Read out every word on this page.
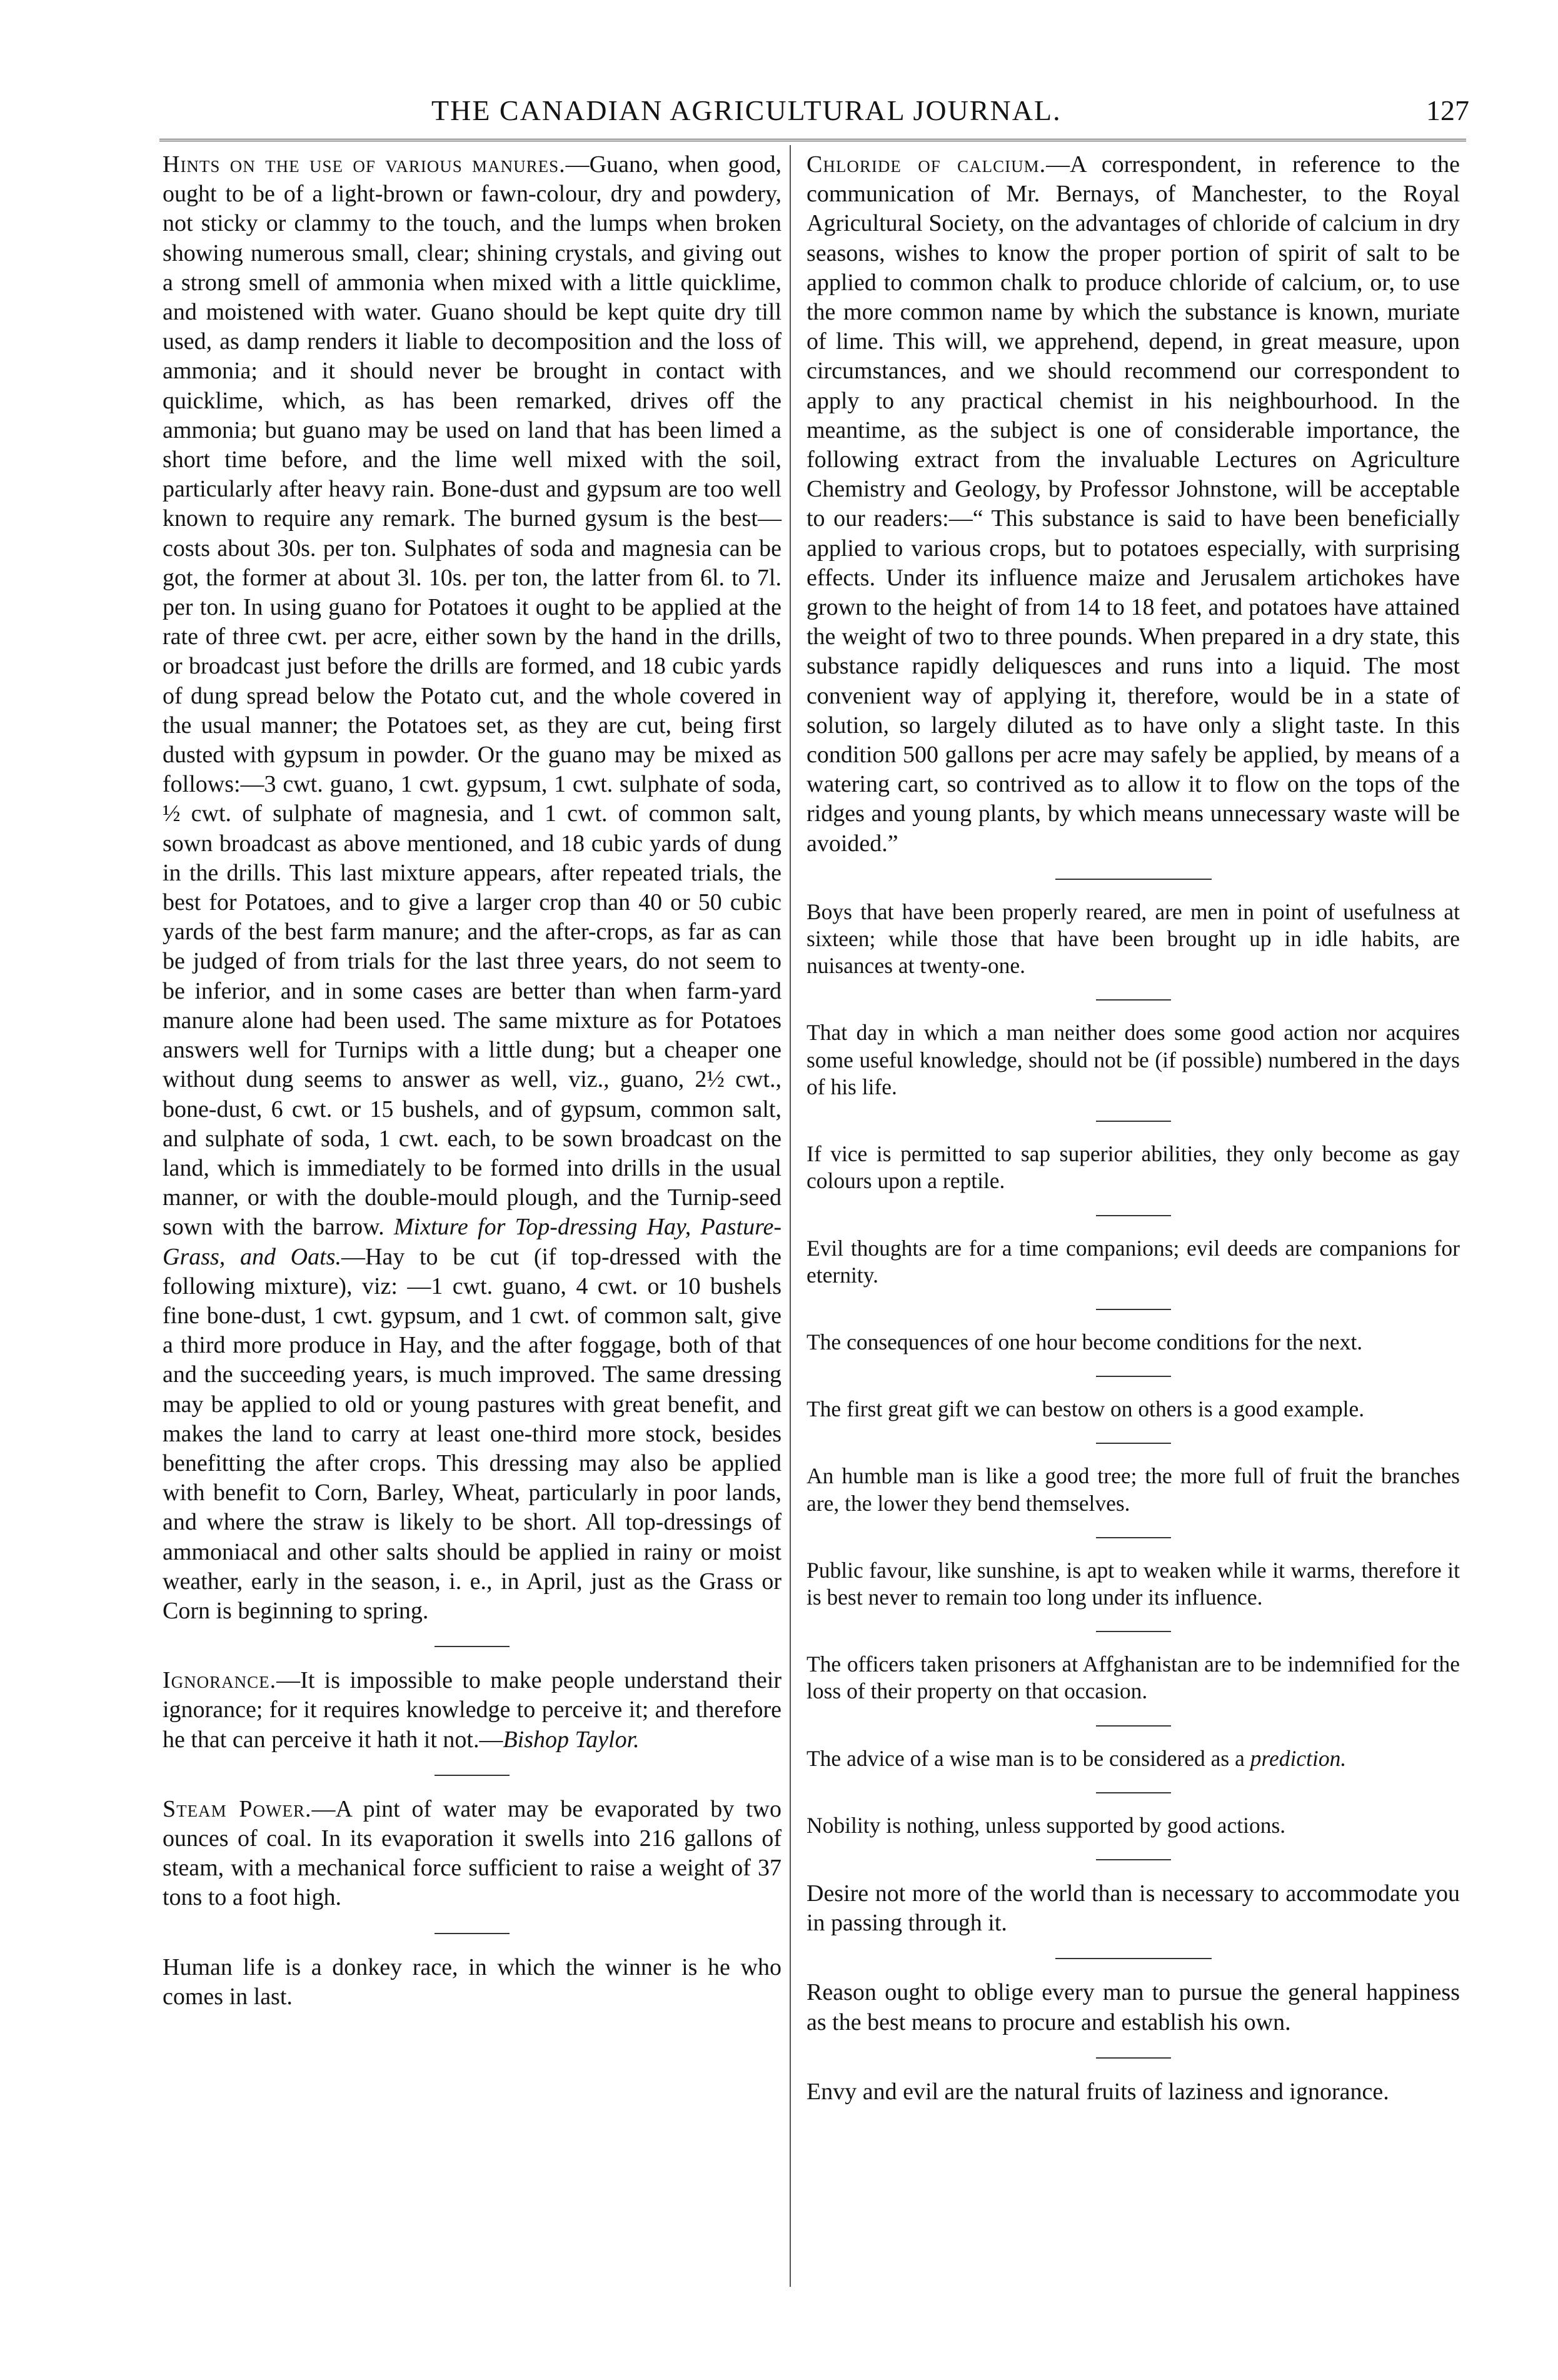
THE CANADIAN AGRICULTURAL JOURNAL.	127

Hints on the use of various manures.—Guano, when good, ought to be of a light-brown or fawn-colour, dry and powdery, not sticky or clammy to the touch, and the lumps when broken showing numerous small, clear; shining crystals, and giving out a strong smell of ammonia when mixed with a little quicklime, and moistened with water. Guano should be kept quite dry till used, as damp renders it liable to decomposition and the loss of ammonia; and it should never be brought in contact with quicklime, which, as has been remarked, drives off the ammonia; but guano may be used on land that has been limed a short time before, and the lime well mixed with the soil, particularly after heavy rain. Bone-dust and gypsum are too well known to require any remark. The burned gysum is the best—costs about 30s. per ton. Sulphates of soda and magnesia can be got, the former at about 3l. 10s. per ton, the latter from 6l. to 7l. per ton. In using guano for Potatoes it ought to be applied at the rate of three cwt. per acre, either sown by the hand in the drills, or broadcast just before the drills are formed, and 18 cubic yards of dung spread below the Potato cut, and the whole covered in the usual manner; the Potatoes set, as they are cut, being first dusted with gypsum in powder. Or the guano may be mixed as follows:—3 cwt. guano, 1 cwt. gypsum, 1 cwt. sulphate of soda, ½ cwt. of sulphate of magnesia, and 1 cwt. of common salt, sown broadcast as above mentioned, and 18 cubic yards of dung in the drills. This last mixture appears, after repeated trials, the best for Potatoes, and to give a larger crop than 40 or 50 cubic yards of the best farm manure; and the after-crops, as far as can be judged of from trials for the last three years, do not seem to be inferior, and in some cases are better than when farm-yard manure alone had been used. The same mixture as for Potatoes answers well for Turnips with a little dung; but a cheaper one without dung seems to answer as well, viz., guano, 2½ cwt., bone-dust, 6 cwt. or 15 bushels, and of gypsum, common salt, and sulphate of soda, 1 cwt. each, to be sown broadcast on the land, which is immediately to be formed into drills in the usual manner, or with the double-mould plough, and the Turnip-seed sown with the barrow. Mixture for Top-dressing Hay, Pasture-Grass, and Oats.—Hay to be cut (if top-dressed with the following mixture), viz: —1 cwt. guano, 4 cwt. or 10 bushels fine bone-dust, 1 cwt. gypsum, and 1 cwt. of common salt, give a third more produce in Hay, and the after foggage, both of that and the succeeding years, is much improved. The same dressing may be applied to old or young pastures with great benefit, and makes the land to carry at least one-third more stock, besides benefitting the after crops. This dressing may also be applied with benefit to Corn, Barley, Wheat, particularly in poor lands, and where the straw is likely to be short. All top-dressings of ammoniacal and other salts should be applied in rainy or moist weather, early in the season, i. e., in April, just as the Grass or Corn is beginning to spring.

Ignorance.—It is impossible to make people understand their ignorance; for it requires knowledge to perceive it; and therefore he that can perceive it hath it not.—Bishop Taylor.

Steam Power.—A pint of water may be evaporated by two ounces of coal. In its evaporation it swells into 216 gallons of steam, with a mechanical force sufficient to raise a weight of 37 tons to a foot high.

Human life is a donkey race, in which the winner is he who comes in last.

Chloride of calcium.—A correspondent, in reference to the communication of Mr. Bernays, of Manchester, to the Royal Agricultural Society, on the advantages of chloride of calcium in dry seasons, wishes to know the proper portion of spirit of salt to be applied to common chalk to produce chloride of calcium, or, to use the more common name by which the substance is known, muriate of lime. This will, we apprehend, depend, in great measure, upon circumstances, and we should recommend our correspondent to apply to any practical chemist in his neighbourhood. In the meantime, as the subject is one of considerable importance, the following extract from the invaluable Lectures on Agriculture Chemistry and Geology, by Professor Johnstone, will be acceptable to our readers:—“ This substance is said to have been beneficially applied to various crops, but to potatoes especially, with surprising effects. Under its influence maize and Jerusalem artichokes have grown to the height of from 14 to 18 feet, and potatoes have attained the weight of two to three pounds. When prepared in a dry state, this substance rapidly deliquesces and runs into a liquid. The most convenient way of applying it, therefore, would be in a state of solution, so largely diluted as to have only a slight taste. In this condition 500 gallons per acre may safely be applied, by means of a watering cart, so contrived as to allow it to flow on the tops of the ridges and young plants, by which means unnecessary waste will be avoided.”

Boys that have been properly reared, are men in point of usefulness at sixteen; while those that have been brought up in idle habits, are nuisances at twenty-one.

That day in which a man neither does some good action nor acquires some useful knowledge, should not be (if possible) numbered in the days of his life.

If vice is permitted to sap superior abilities, they only become as gay colours upon a reptile.

Evil thoughts are for a time companions; evil deeds are companions for eternity.

The consequences of one hour become conditions for the next.

The first great gift we can bestow on others is a good example.

An humble man is like a good tree; the more full of fruit the branches are, the lower they bend themselves.

Public favour, like sunshine, is apt to weaken while it warms, therefore it is best never to remain too long under its influence.

The officers taken prisoners at Affghanistan are to be indemnified for the loss of their property on that occasion.

The advice of a wise man is to be considered as a prediction.

Nobility is nothing, unless supported by good actions.

Desire not more of the world than is necessary to accommodate you in passing through it.

Reason ought to oblige every man to pursue the general happiness as the best means to procure and establish his own.

Envy and evil are the natural fruits of laziness and ignorance.
